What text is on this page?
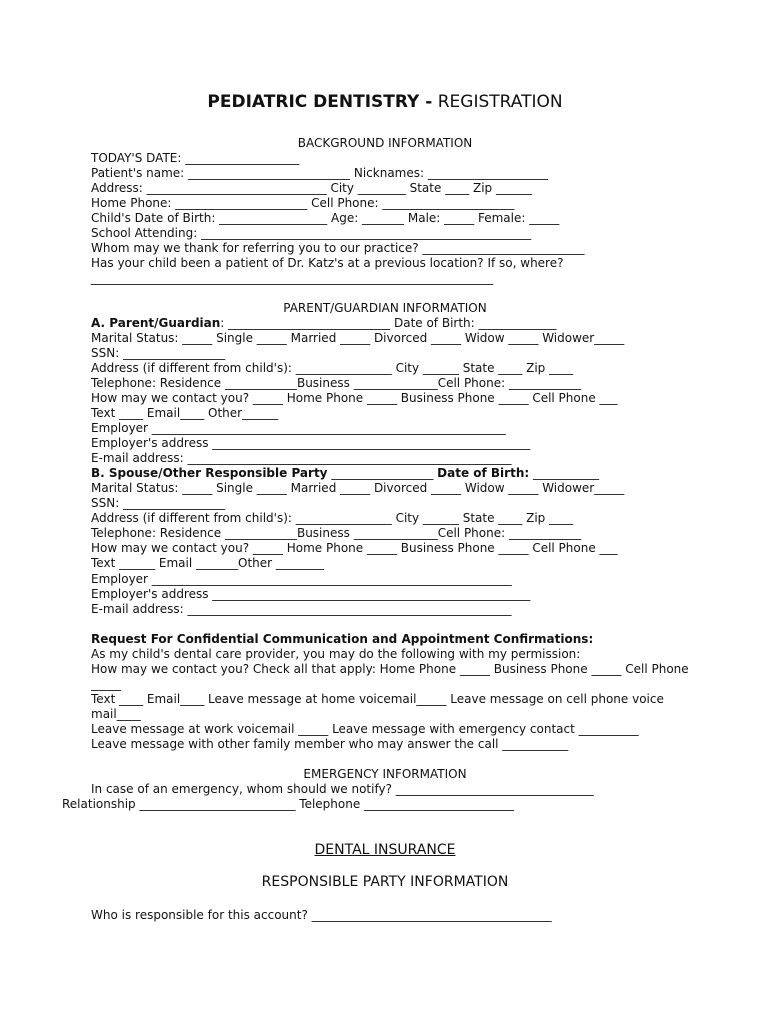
PEDIATRIC DENTISTRY - REGISTRATION
BACKGROUND INFORMATION
TODAY'S DATE: ___________________
Patient's name: ___________________________ Nicknames: ____________________
Address: ______________________________ City ________ State ____ Zip ______
Home Phone: ______________________ Cell Phone: ______________________
Child's Date of Birth: __________________ Age: _______ Male: _____ Female: _____
School Attending: _______________________________________________________
Whom may we thank for referring you to our practice? ___________________________
Has your child been a patient of Dr. Katz's at a previous location? If so, where?
___________________________________________________________________
PARENT/GUARDIAN INFORMATION
A. Parent/Guardian: ___________________________ Date of Birth: _____________
Marital Status: _____ Single _____ Married _____ Divorced _____ Widow _____ Widower_____
SSN: _________________
Address (if different from child's): ________________ City ______ State ____ Zip ____
Telephone: Residence ____________Business ______________Cell Phone: ____________
How may we contact you? _____ Home Phone _____ Business Phone _____ Cell Phone ___
Text ____ Email____ Other______
Employer ___________________________________________________________
Employer's address _____________________________________________________
E-mail address: ______________________________________________________
B. Spouse/Other Responsible Party _________________ Date of Birth: ___________
Marital Status: _____ Single _____ Married _____ Divorced _____ Widow _____ Widower_____
SSN: _________________
Address (if different from child's): ________________ City ______ State ____ Zip ____
Telephone: Residence ____________Business ______________Cell Phone: ____________
How may we contact you? _____ Home Phone _____ Business Phone _____ Cell Phone ___
Text ______ Email _______Other ________
Employer ____________________________________________________________
Employer's address _____________________________________________________
E-mail address: ______________________________________________________
Request For Confidential Communication and Appointment Confirmations:
As my child's dental care provider, you may do the following with my permission:
How may we contact you? Check all that apply: Home Phone _____ Business Phone _____ Cell Phone
_____
Text ____ Email____ Leave message at home voicemail_____ Leave message on cell phone voice
mail____
Leave message at work voicemail _____ Leave message with emergency contact __________
Leave message with other family member who may answer the call ___________
EMERGENCY INFORMATION
In case of an emergency, whom should we notify? _________________________________
Relationship __________________________ Telephone _________________________
DENTAL INSURANCE
RESPONSIBLE PARTY INFORMATION
Who is responsible for this account? ________________________________________
